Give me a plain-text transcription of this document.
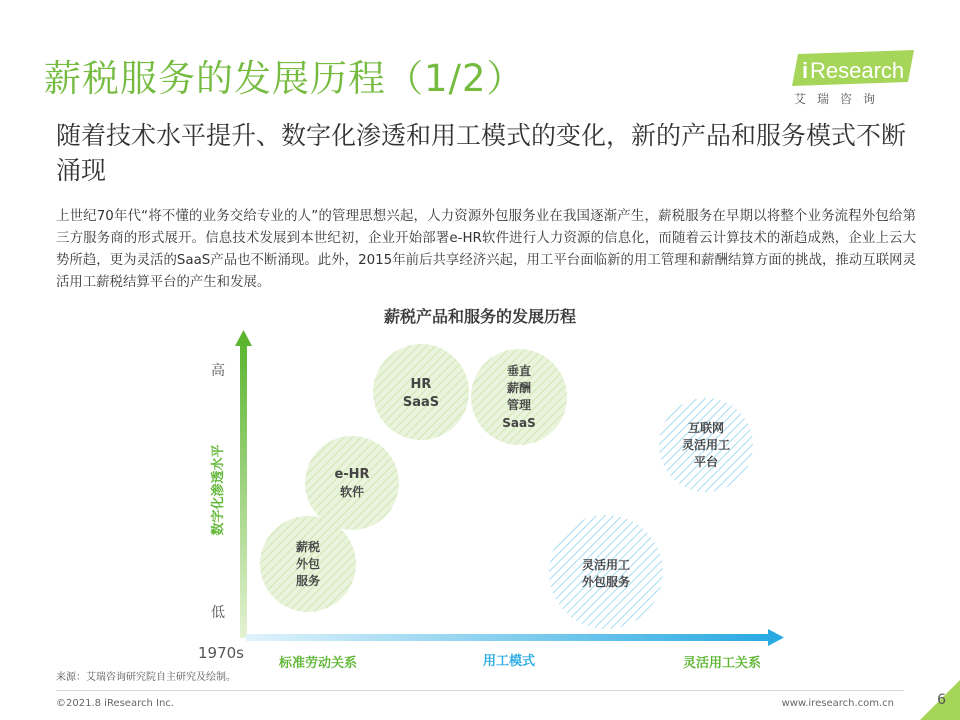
薪税服务的发展历程（1/2）	i Research
艾瑞咨询
随着技术水平提升、数字化渗透和用工模式的变化，新的产品和服务模式不断涌现
上世纪70年代“将不懂的业务交给专业的人”的管理思想兴起，人力资源外包服务业在我国逐渐产生，薪税服务在早期以将整个业务流程外包给第三方服务商的形式展开。信息技术发展到本世纪初，企业开始部署e-HR软件进行人力资源的信息化，而随着云计算技术的渐趋成熟，企业上云大势所趋，更为灵活的SaaS产品也不断涌现。此外，2015年前后共享经济兴起，用工平台面临新的用工管理和薪酬结算方面的挑战，推动互联网灵活用工薪税结算平台的产生和发展。
薪税产品和服务的发展历程
高
低
数字化渗透水平
1970s
标准劳动关系	用工模式	灵活用工关系
薪税
外包
服务
e-HR
软件
HR
SaaS
垂直
薪酬
管理
SaaS
灵活用工
外包服务
互联网
灵活用工
平台
来源：艾瑞咨询研究院自主研究及绘制。
©2021.8 iResearch Inc.	www.iresearch.com.cn	6
